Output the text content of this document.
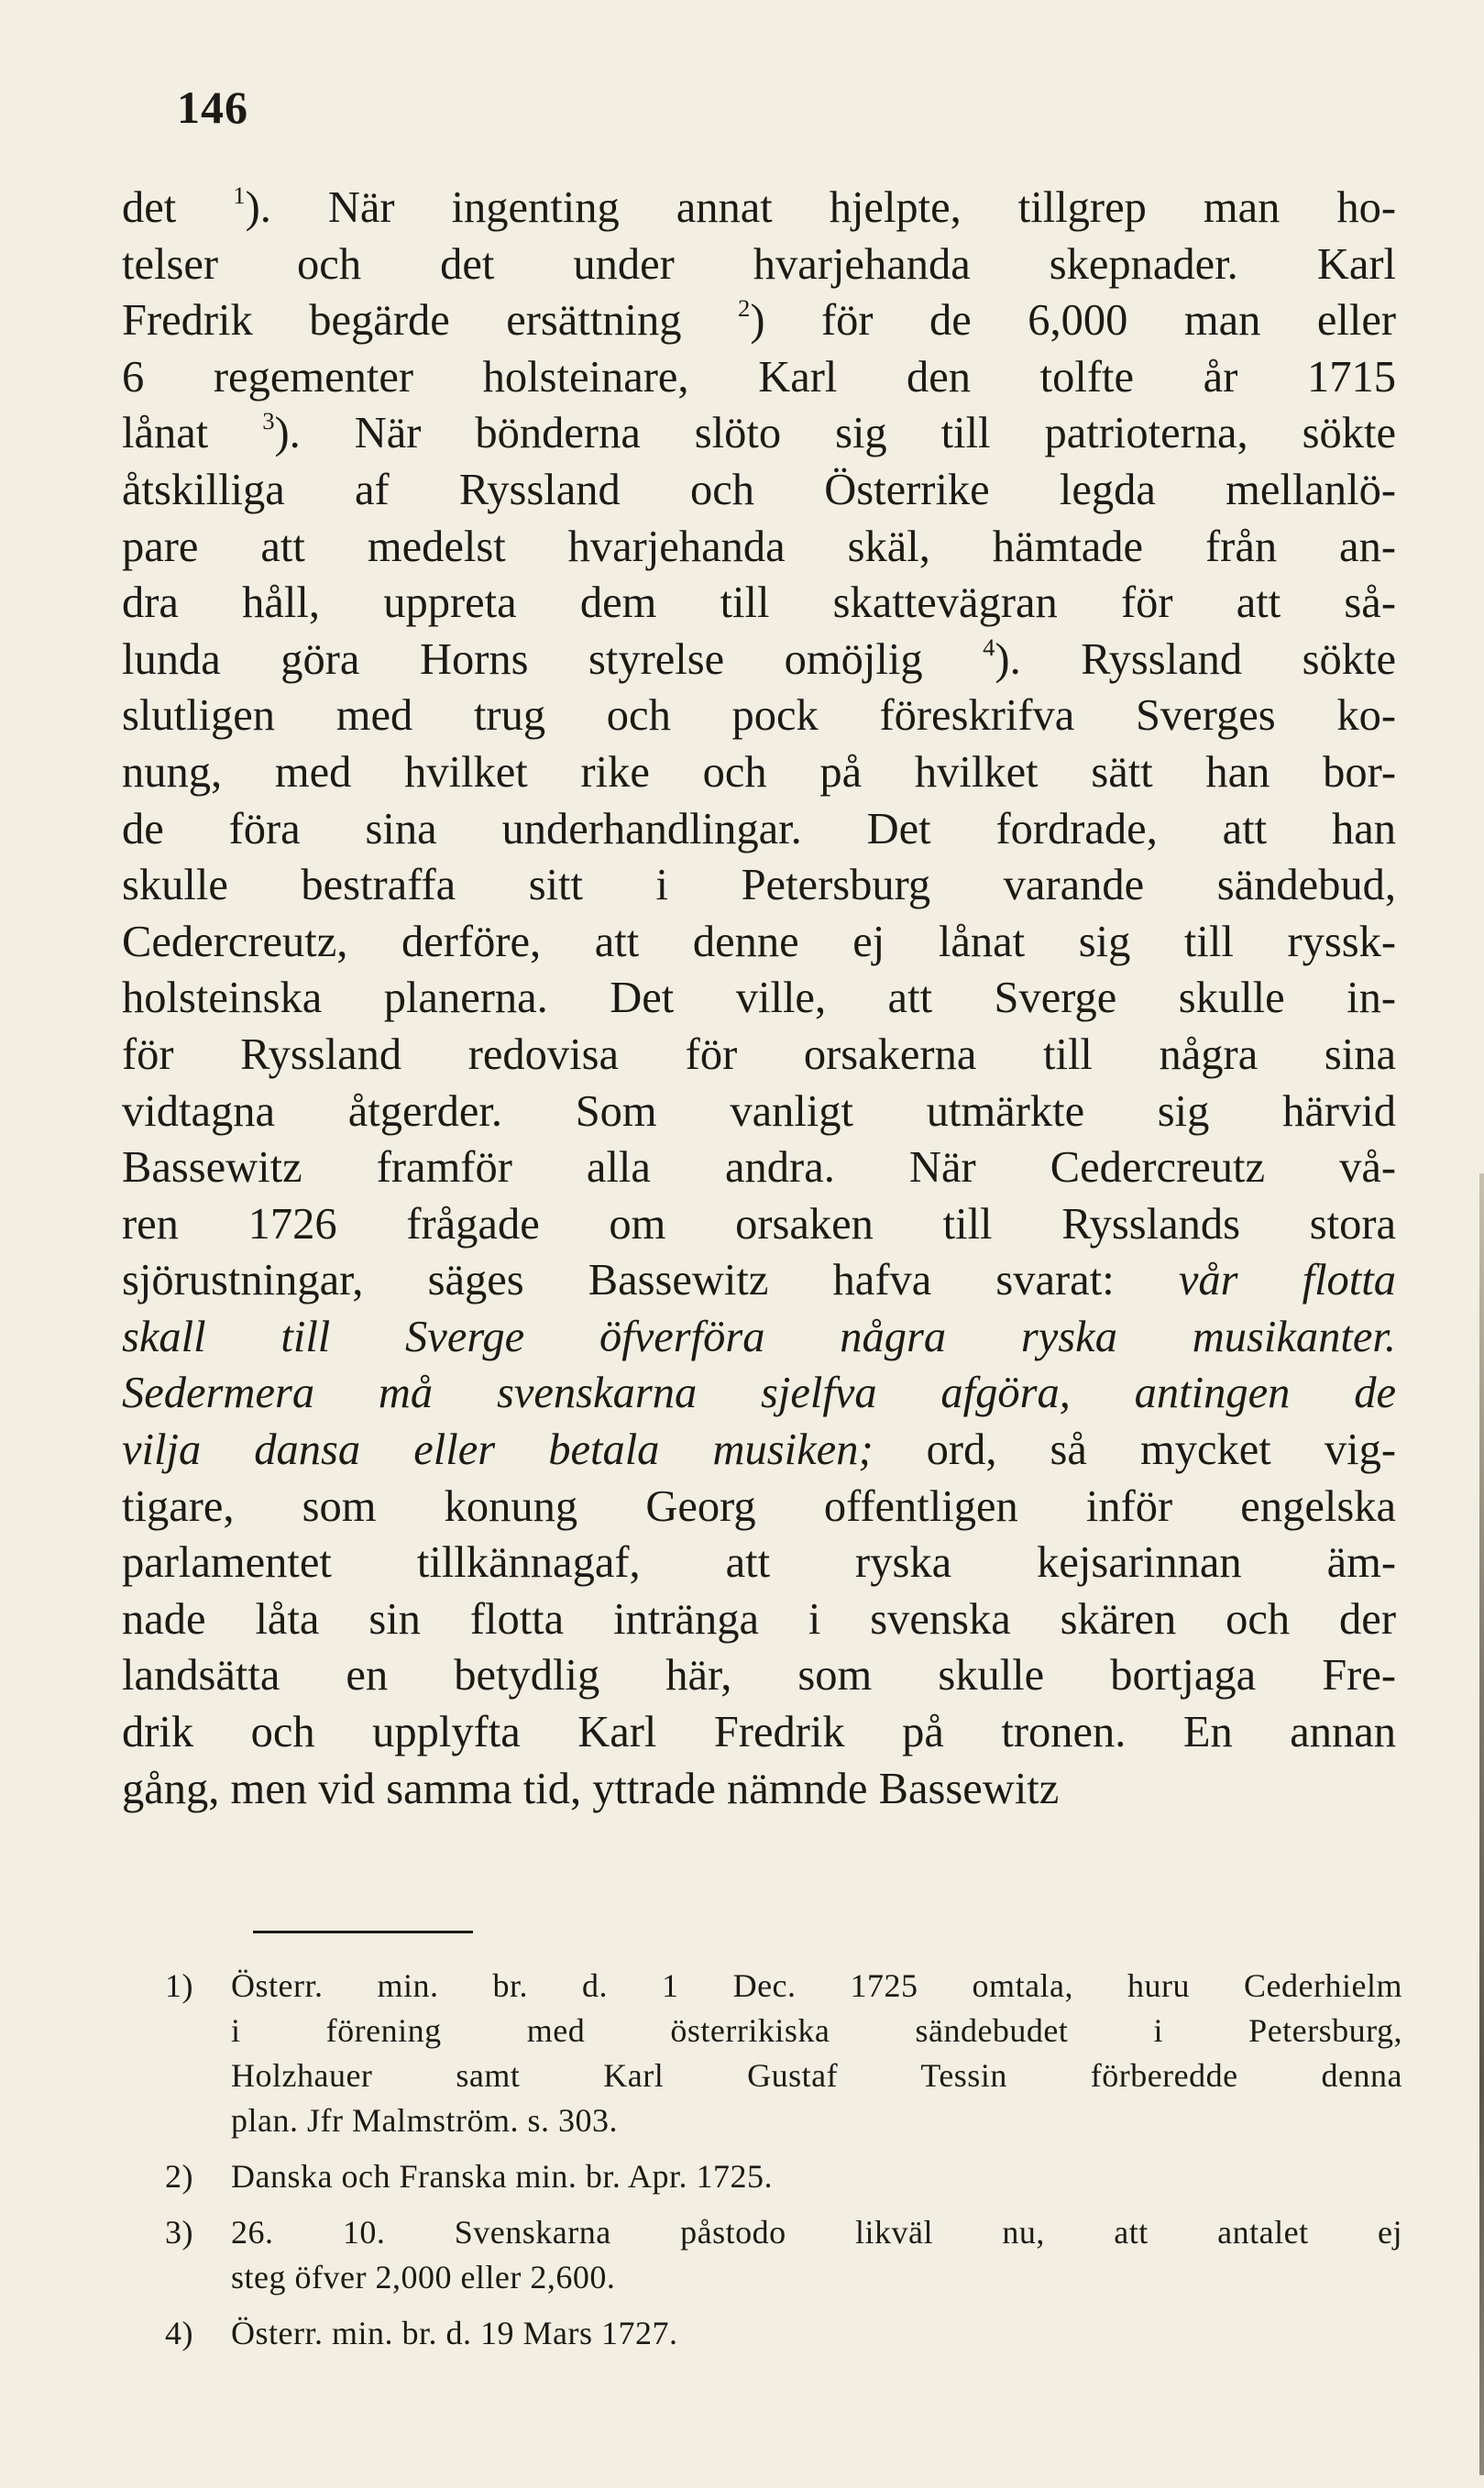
146
det $^1$). När ingenting annat hjelpte, tillgrep man ho-
telser och det under hvarjehanda skepnader. Karl
Fredrik begärde ersättning $^2$) för de 6,000 man eller
6 regementer holsteinare, Karl den tolfte år 1715
lånat $^3$). När bönderna slöto sig till patrioterna, sökte
åtskilliga af Ryssland och Österrike legda mellanlö-
pare att medelst hvarjehanda skäl, hämtade från an-
dra håll, uppreta dem till skattevägran för att så-
lunda göra Horns styrelse omöjlig $^4$). Ryssland sökte
slutligen med trug och pock föreskrifva Sverges ko-
nung, med hvilket rike och på hvilket sätt han bor-
de föra sina underhandlingar. Det fordrade, att han
skulle bestraffa sitt i Petersburg varande sändebud,
Cedercreutz, derföre, att denne ej lånat sig till ryssk-
holsteinska planerna. Det ville, att Sverge skulle in-
för Ryssland redovisa för orsakerna till några sina
vidtagna åtgerder. Som vanligt utmärkte sig härvid
Bassewitz framför alla andra. När Cedercreutz vå-
ren 1726 frågade om orsaken till Rysslands stora
sjörustningar, säges Bassewitz hafva svarat: vår flotta
skall till Sverge öfverföra några ryska musikanter.
Sedermera må svenskarna sjelfva afgöra, antingen de
vilja dansa eller betala musiken; ord, så mycket vig-
tigare, som konung Georg offentligen inför engelska
parlamentet tillkännagaf, att ryska kejsarinnan äm-
nade låta sin flotta intränga i svenska skären och der
landsätta en betydlig här, som skulle bortjaga Fre-
drik och upplyfta Karl Fredrik på tronen. En annan
gång, men vid samma tid, yttrade nämnde Bassewitz
1) Österr. min. br. d. 1 Dec. 1725 omtala, huru Cederhielm
i förening med österrikiska sändebudet i Petersburg,
Holzhauer samt Karl Gustaf Tessin förberedde denna
plan. Jfr Malmström. s. 303.
2) Danska och Franska min. br. Apr. 1725.
3) 26. 10. Svenskarna påstodo likväl nu, att antalet ej
steg öfver 2,000 eller 2,600.
4) Österr. min. br. d. 19 Mars 1727.
